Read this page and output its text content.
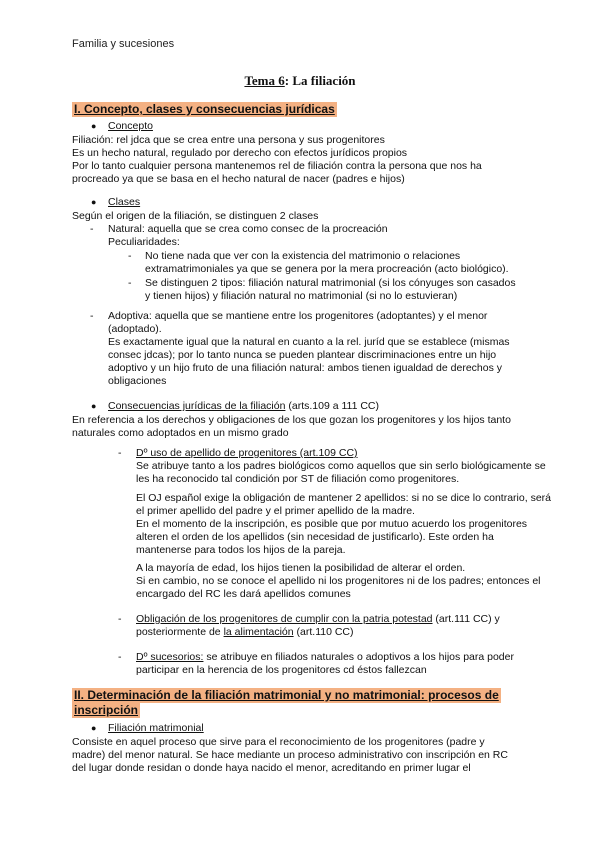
Familia y sucesiones
Tema 6: La filiación
I. Concepto, clases y consecuencias jurídicas
● Concepto
Filiación: rel jdca que se crea entre una persona y sus progenitores
Es un hecho natural, regulado por derecho con efectos jurídicos propios
Por lo tanto cualquier persona mantenemos rel de filiación contra la persona que nos ha
procreado ya que se basa en el hecho natural de nacer (padres e hijos)
● Clases
Según el origen de la filiación, se distinguen 2 clases
- Natural: aquella que se crea como consec de la procreación
Peculiaridades:
- No tiene nada que ver con la existencia del matrimonio o relaciones
extramatrimoniales ya que se genera por la mera procreación (acto biológico).
- Se distinguen 2 tipos: filiación natural matrimonial (si los cónyuges son casados
y tienen hijos) y filiación natural no matrimonial (si no lo estuvieran)
- Adoptiva: aquella que se mantiene entre los progenitores (adoptantes) y el menor
(adoptado).
Es exactamente igual que la natural en cuanto a la rel. juríd que se establece (mismas
consec jdcas); por lo tanto nunca se pueden plantear discriminaciones entre un hijo
adoptivo y un hijo fruto de una filiación natural: ambos tienen igualdad de derechos y
obligaciones
● Consecuencias jurídicas de la filiación (arts.109 a 111 CC)
En referencia a los derechos y obligaciones de los que gozan los progenitores y los hijos tanto
naturales como adoptados en un mismo grado
- Dº uso de apellido de progenitores (art.109 CC)
Se atribuye tanto a los padres biológicos como aquellos que sin serlo biológicamente se
les ha reconocido tal condición por ST de filiación como progenitores.
El OJ español exige la obligación de mantener 2 apellidos: si no se dice lo contrario, será
el primer apellido del padre y el primer apellido de la madre.
En el momento de la inscripción, es posible que por mutuo acuerdo los progenitores
alteren el orden de los apellidos (sin necesidad de justificarlo). Este orden ha
mantenerse para todos los hijos de la pareja.
A la mayoría de edad, los hijos tienen la posibilidad de alterar el orden.
Si en cambio, no se conoce el apellido ni los progenitores ni de los padres; entonces el
encargado del RC les dará apellidos comunes
- Obligación de los progenitores de cumplir con la patria potestad (art.111 CC) y
posteriormente de la alimentación (art.110 CC)
- Dº sucesorios: se atribuye en filiados naturales o adoptivos a los hijos para poder
participar en la herencia de los progenitores cd éstos fallezcan
II. Determinación de la filiación matrimonial y no matrimonial: procesos de
inscripción
● Filiación matrimonial
Consiste en aquel proceso que sirve para el reconocimiento de los progenitores (padre y
madre) del menor natural. Se hace mediante un proceso administrativo con inscripción en RC
del lugar donde residan o donde haya nacido el menor, acreditando en primer lugar el
